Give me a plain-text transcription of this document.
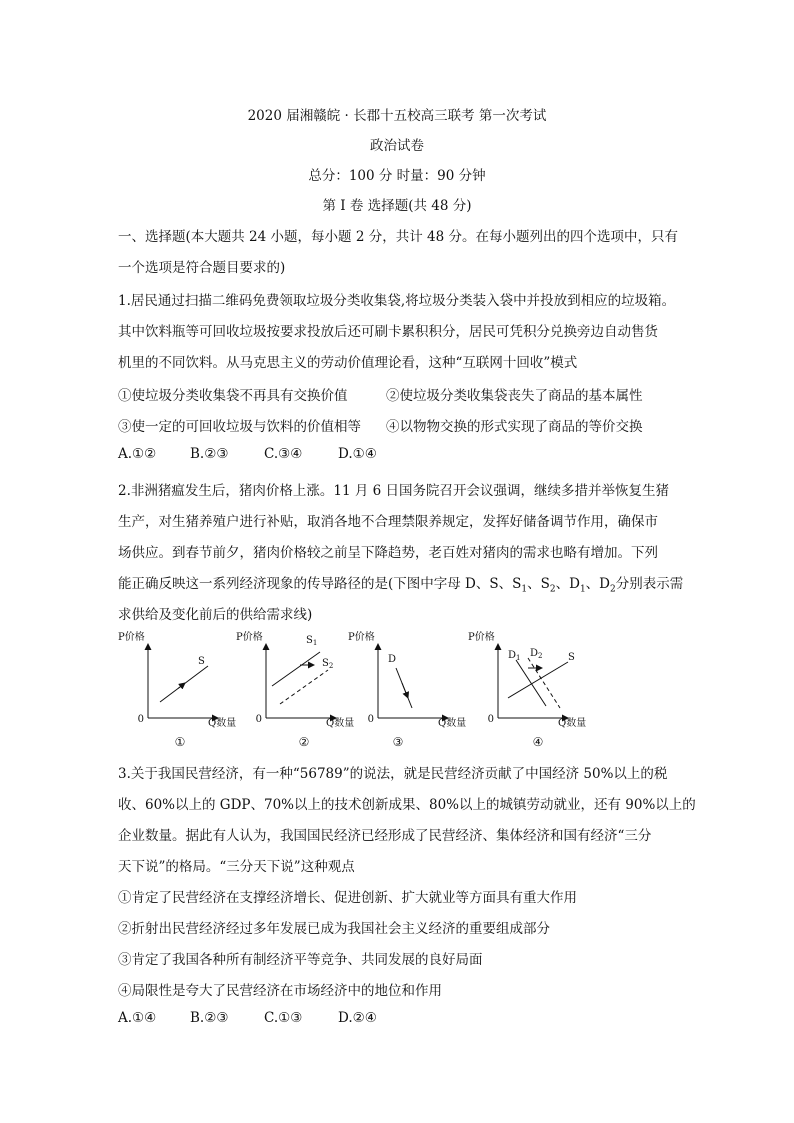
2020 届湘赣皖 · 长郡十五校高三联考 第一次考试
政治试卷
总分：100 分 时量：90 分钟
第 I 卷 选择题(共 48 分)
一、选择题(本大题共 24 小题，每小题 2 分，共计 48 分。在每小题列出的四个选项中，只有
一个选项是符合题目要求的)
1.居民通过扫描二维码免费领取垃圾分类收集袋,将垃圾分类装入袋中并投放到相应的垃圾箱。
其中饮料瓶等可回收垃圾按要求投放后还可刷卡累积积分，居民可凭积分兑换旁边自动售货
机里的不同饮料。从马克思主义的劳动价值理论看，这种“互联网十回收”模式
①使垃圾分类收集袋不再具有交换价值	②使垃圾分类收集袋丧失了商品的基本属性
③使一定的可回收垃圾与饮料的价值相等 ④以物物交换的形式实现了商品的等价交换
A.①②	B.②③	C.③④	D.①④
2.非洲猪瘟发生后，猪肉价格上涨。11 月 6 日国务院召开会议强调，继续多措并举恢复生猪
生产，对生猪养殖户进行补贴，取消各地不合理禁限养规定，发挥好储备调节作用，确保市
场供应。到春节前夕，猪肉价格较之前呈下降趋势，老百姓对猪肉的需求也略有增加。下列
能正确反映这一系列经济现象的传导路径的是(下图中字母 D、S、$S_1$、$S_2$、$D_1$、$D_2$分别表示需
求供给及变化前后的供给需求线)
P价格
0	Q数量
S
①
P价格
0	Q数量
$S_1$
$S_2$
②
P价格
0	Q数量
D
③
P价格
0	Q数量
$D_1$ $D_2$	S
④
3.关于我国民营经济，有一种“56789”的说法，就是民营经济贡献了中国经济 50%以上的税
收、60%以上的 GDP、70%以上的技术创新成果、80%以上的城镇劳动就业，还有 90%以上的
企业数量。据此有人认为，我国国民经济已经形成了民营经济、集体经济和国有经济“三分
天下说”的格局。“三分天下说”这种观点
①肯定了民营经济在支撑经济增长、促进创新、扩大就业等方面具有重大作用
②折射出民营经济经过多年发展已成为我国社会主义经济的重要组成部分
③肯定了我国各种所有制经济平等竞争、共同发展的良好局面
④局限性是夸大了民营经济在市场经济中的地位和作用
A.①④	B.②③	C.①③	D.②④
